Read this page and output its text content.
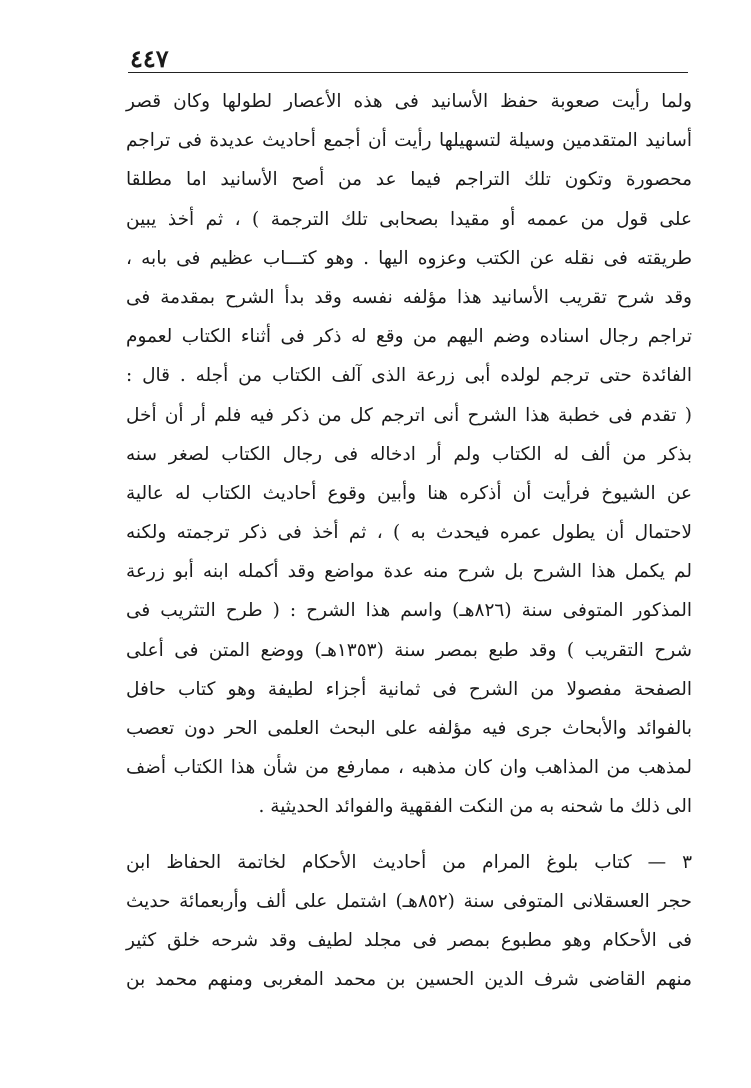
٤٤٧
ولما رأيت صعوبة حفظ الأسانيد فى هذه الأعصار لطولها وكان قصر
أسانيد المتقدمين وسيلة لتسهيلها رأيت أن أجمع أحاديث عديدة فى تراجم
محصورة وتكون تلك التراجم فيما عد من أصح الأسانيد اما مطلقا
على قول من عممه أو مقيدا بصحابى تلك الترجمة ) ، ثم أخذ يبين
طريقته فى نقله عن الكتب وعزوه اليها . وهو كتـــاب عظيم فى بابه ،
وقد شرح تقريب الأسانيد هذا مؤلفه نفسه وقد بدأ الشرح بمقدمة فى
تراجم رجال اسناده وضم اليهم من وقع له ذكر فى أثناء الكتاب لعموم
الفائدة حتى ترجم لولده أبى زرعة الذى آلف الكتاب من أجله . قال :
( تقدم فى خطبة هذا الشرح أنى اترجم كل من ذكر فيه فلم أر أن أخل
بذكر من ألف له الكتاب ولم أر ادخاله فى رجال الكتاب لصغر سنه
عن الشيوخ فرأيت أن أذكره هنا وأبين وقوع أحاديث الكتاب له عالية
لاحتمال أن يطول عمره فيحدث به ) ، ثم أخذ فى ذكر ترجمته ولكنه
لم يكمل هذا الشرح بل شرح منه عدة مواضع وقد أكمله ابنه أبو زرعة
المذكور المتوفى سنة (٨٢٦هـ) واسم هذا الشرح : ( طرح التثريب فى
شرح التقريب ) وقد طبع بمصر سنة (١٣٥٣هـ) ووضع المتن فى أعلى
الصفحة مفصولا من الشرح فى ثمانية أجزاء لطيفة وهو كتاب حافل
بالفوائد والأبحاث جرى فيه مؤلفه على البحث العلمى الحر دون تعصب
لمذهب من المذاهب وان كان مذهبه ، ممارفع من شأن هذا الكتاب أضف
الى ذلك ما شحنه به من النكت الفقهية والفوائد الحديثية .
٣ — كتاب بلوغ المرام من أحاديث الأحكام لخاتمة الحفاظ ابن
حجر العسقلانى المتوفى سنة (٨٥٢هـ) اشتمل على ألف وأربعمائة حديث
فى الأحكام وهو مطبوع بمصر فى مجلد لطيف وقد شرحه خلق كثير
منهم القاضى شرف الدين الحسين بن محمد المغربى ومنهم محمد بن
